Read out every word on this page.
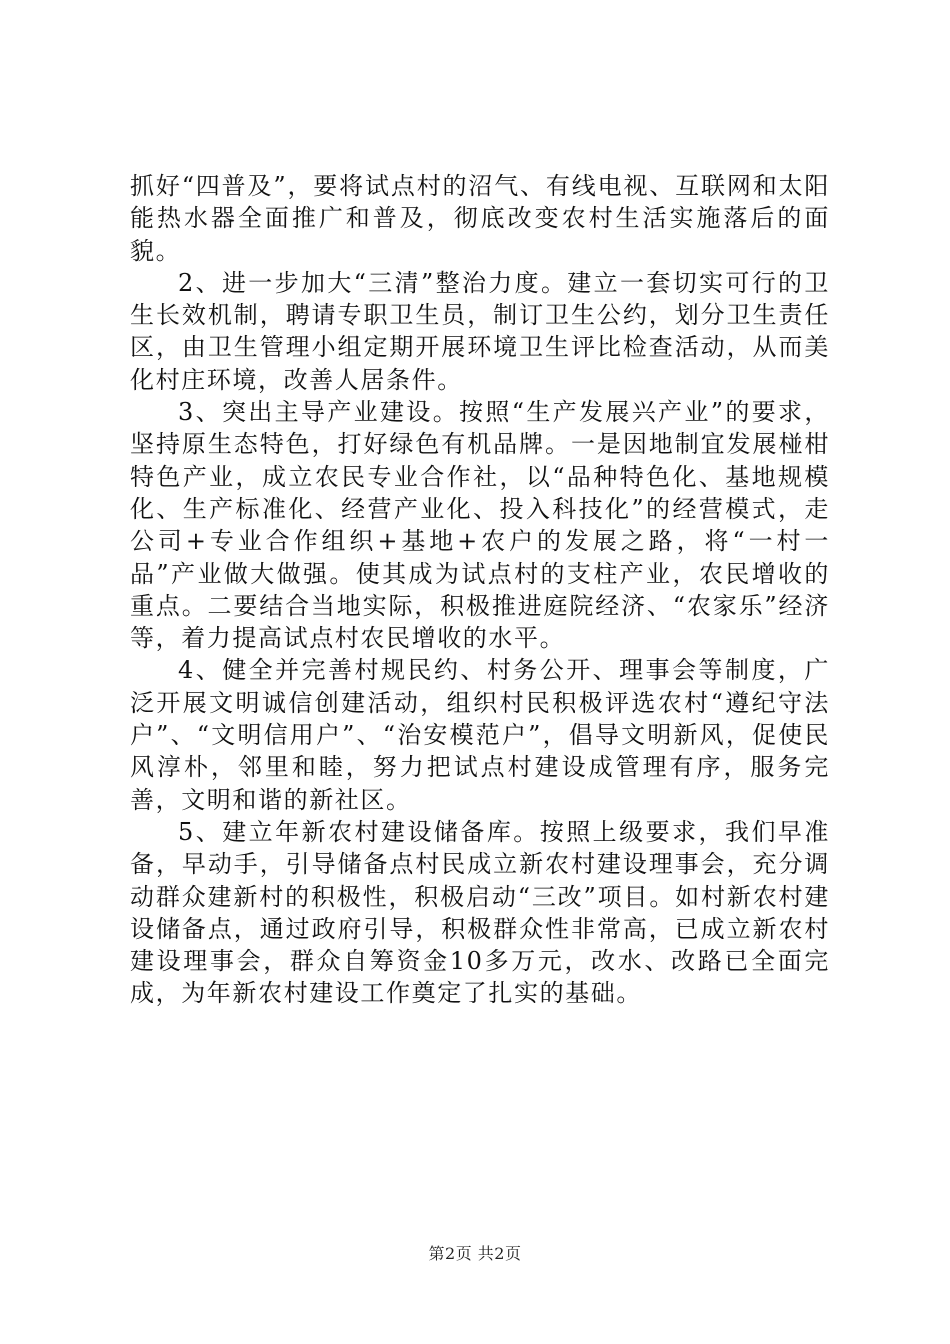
抓好“四普及”，要将试点村的沼气、有线电视、互联网和太阳能热水器全面推广和普及，彻底改变农村生活实施落后的面貌。

2、进一步加大“三清”整治力度。建立一套切实可行的卫生长效机制，聘请专职卫生员，制订卫生公约，划分卫生责任区，由卫生管理小组定期开展环境卫生评比检查活动，从而美化村庄环境，改善人居条件。

3、突出主导产业建设。按照“生产发展兴产业”的要求，坚持原生态特色，打好绿色有机品牌。一是因地制宜发展椪柑特色产业，成立农民专业合作社，以“品种特色化、基地规模化、生产标准化、经营产业化、投入科技化”的经营模式，走公司+专业合作组织+基地+农户的发展之路，将“一村一品”产业做大做强。使其成为试点村的支柱产业，农民增收的重点。二要结合当地实际，积极推进庭院经济、“农家乐”经济等，着力提高试点村农民增收的水平。

4、健全并完善村规民约、村务公开、理事会等制度，广泛开展文明诚信创建活动，组织村民积极评选农村“遵纪守法户”、“文明信用户”、“治安模范户”，倡导文明新风，促使民风淳朴，邻里和睦，努力把试点村建设成管理有序，服务完善，文明和谐的新社区。

5、建立年新农村建设储备库。按照上级要求，我们早准备，早动手，引导储备点村民成立新农村建设理事会，充分调动群众建新村的积极性，积极启动“三改”项目。如村新农村建设储备点，通过政府引导，积极群众性非常高，已成立新农村建设理事会，群众自筹资金10多万元，改水、改路已全面完成，为年新农村建设工作奠定了扎实的基础。

第2页 共2页
